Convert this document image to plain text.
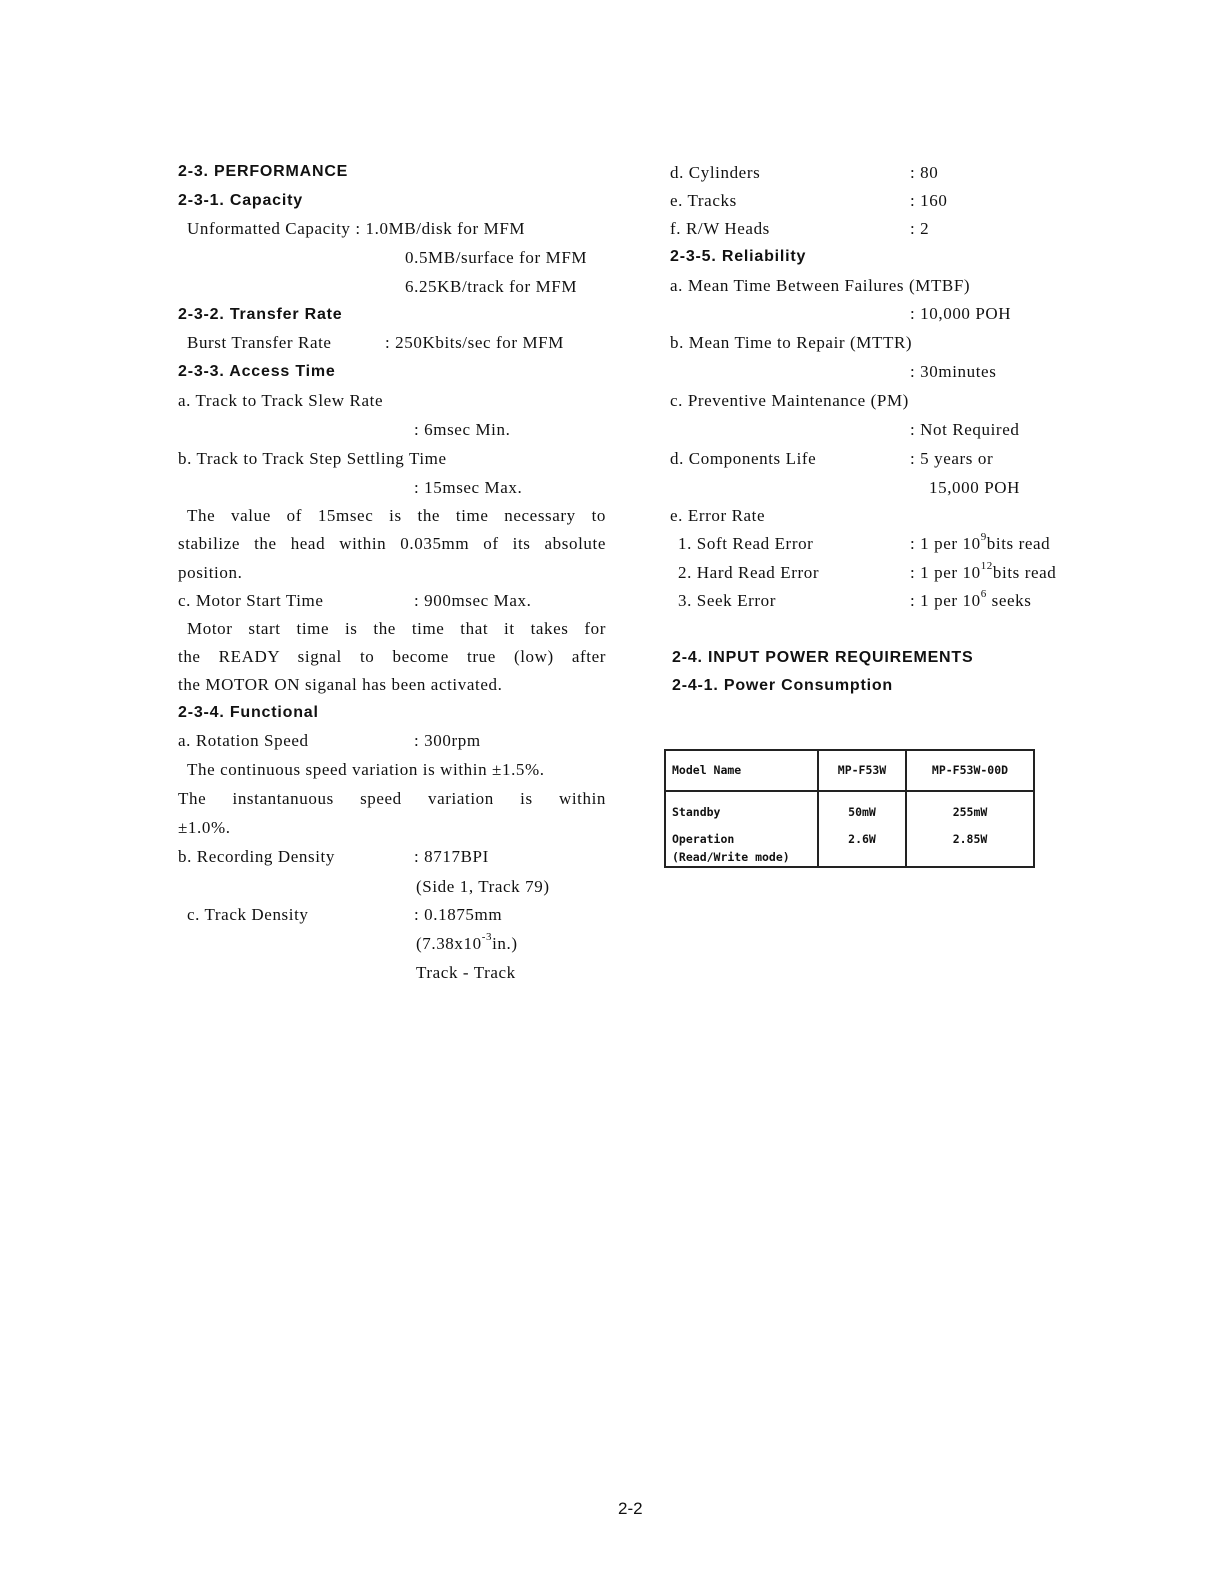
2-3. PERFORMANCE
2-3-1. Capacity
Unformatted Capacity : 1.0MB/disk for MFM
0.5MB/surface for MFM
6.25KB/track for MFM
2-3-2. Transfer Rate
Burst Transfer Rate	: 250Kbits/sec for MFM
2-3-3. Access Time
a. Track to Track Slew Rate
: 6msec Min.
b. Track to Track Step Settling Time
: 15msec Max.
The value of 15msec is the time necessary to
stabilize the head within 0.035mm of its absolute
position.
c. Motor Start Time	: 900msec Max.
Motor start time is the time that it takes for
the READY signal to become true (low) after
the MOTOR ON siganal has been activated.
2-3-4. Functional
a. Rotation Speed	: 300rpm
The continuous speed variation is within ±1.5%.
The instantanuous speed variation is within
±1.0%.
b. Recording Density	: 8717BPI
(Side 1, Track 79)
c. Track Density	: 0.1875mm
$(7.38x10^{-3}in.)$
Track - Track
d. Cylinders	: 80
e. Tracks	: 160
f. R/W Heads	: 2
2-3-5. Reliability
a. Mean Time Between Failures (MTBF)
: 10,000 POH
b. Mean Time to Repair (MTTR)
: 30minutes
c. Preventive Maintenance (PM)
: Not Required
d. Components Life	: 5 years or
15,000 POH
e. Error Rate
1. Soft Read Error	: 1 per $10^9bits$ read
2. Hard Read Error	: 1 per $10^{12}bits$ read
3. Seek Error	: 1 per $10^6$ seeks
2-4. INPUT POWER REQUIREMENTS
2-4-1. Power Consumption
Model Name	MP-F53W	MP-F53W-00D
Standby	50mW	255mW

Operation
(Read/Write mode)	2.6W	2.85W
2-2
